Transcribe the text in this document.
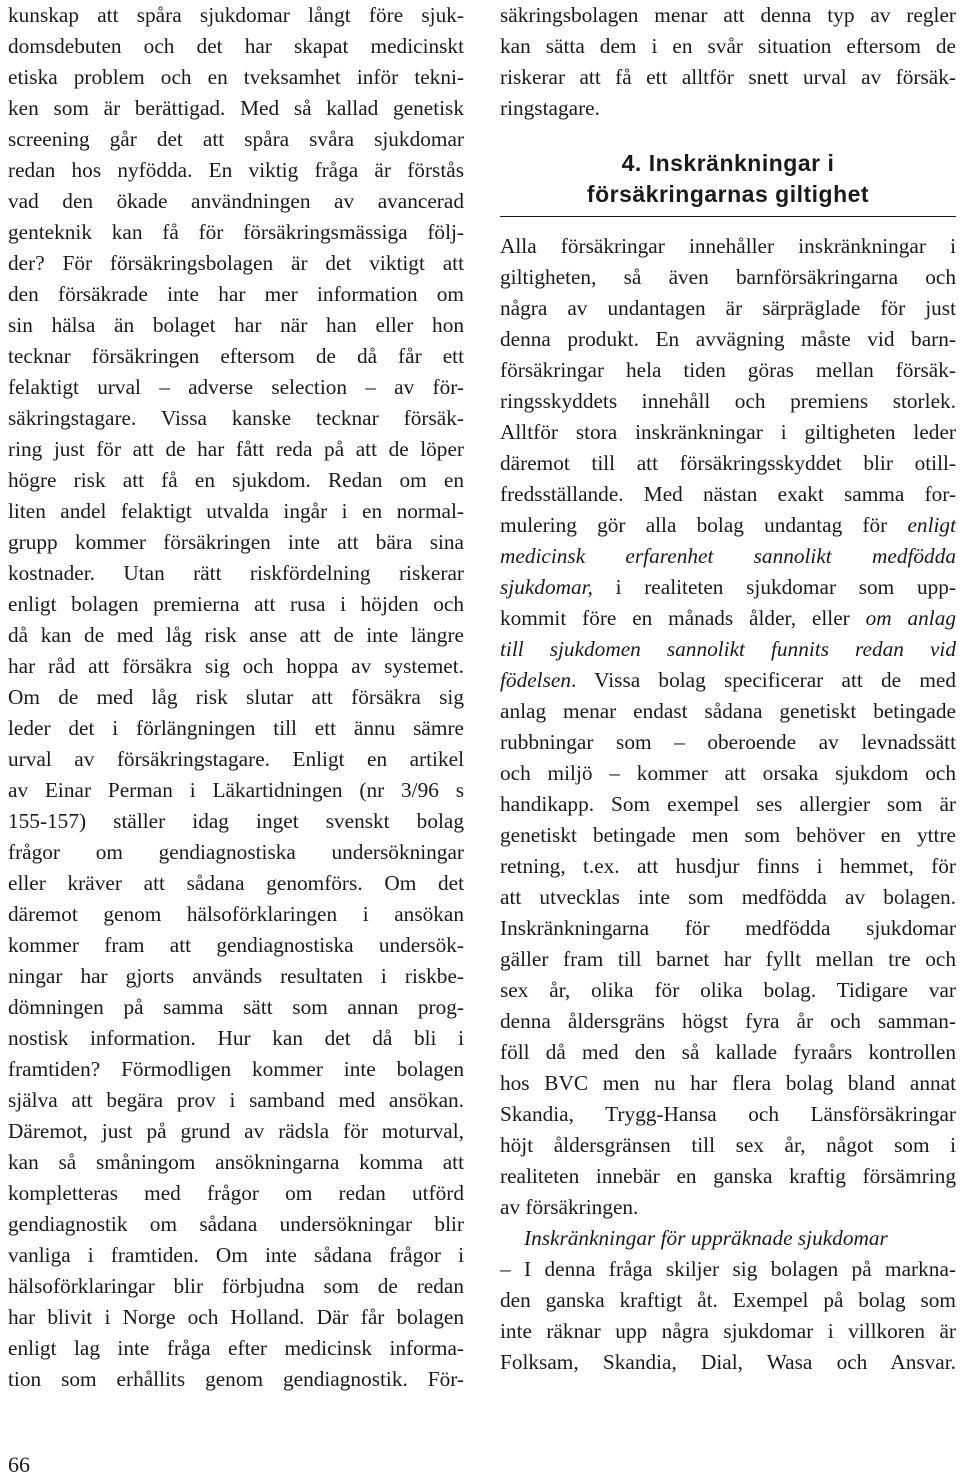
kunskap att spåra sjukdomar långt före sjuk-
domsdebuten och det har skapat medicinskt
etiska problem och en tveksamhet inför tekni-
ken som är berättigad. Med så kallad genetisk
screening går det att spåra svåra sjukdomar
redan hos nyfödda. En viktig fråga är förstås
vad den ökade användningen av avancerad
genteknik kan få för försäkringsmässiga följ-
der? För försäkringsbolagen är det viktigt att
den försäkrade inte har mer information om
sin hälsa än bolaget har när han eller hon
tecknar försäkringen eftersom de då får ett
felaktigt urval – adverse selection – av för-
säkringstagare. Vissa kanske tecknar försäk-
ring just för att de har fått reda på att de löper
högre risk att få en sjukdom. Redan om en
liten andel felaktigt utvalda ingår i en normal-
grupp kommer försäkringen inte att bära sina
kostnader. Utan rätt riskfördelning riskerar
enligt bolagen premierna att rusa i höjden och
då kan de med låg risk anse att de inte längre
har råd att försäkra sig och hoppa av systemet.
Om de med låg risk slutar att försäkra sig
leder det i förlängningen till ett ännu sämre
urval av försäkringstagare. Enligt en artikel
av Einar Perman i Läkartidningen (nr 3/96 s
155-157) ställer idag inget svenskt bolag
frågor om gendiagnostiska undersökningar
eller kräver att sådana genomförs. Om det
däremot genom hälsoförklaringen i ansökan
kommer fram att gendiagnostiska undersök-
ningar har gjorts används resultaten i riskbe-
dömningen på samma sätt som annan prog-
nostisk information. Hur kan det då bli i
framtiden? Förmodligen kommer inte bolagen
själva att begära prov i samband med ansökan.
Däremot, just på grund av rädsla för moturval,
kan så småningom ansökningarna komma att
kompletteras med frågor om redan utförd
gendiagnostik om sådana undersökningar blir
vanliga i framtiden. Om inte sådana frågor i
hälsoförklaringar blir förbjudna som de redan
har blivit i Norge och Holland. Där får bolagen
enligt lag inte fråga efter medicinsk informa-
tion som erhållits genom gendiagnostik. För-
säkringsbolagen menar att denna typ av regler
kan sätta dem i en svår situation eftersom de
riskerar att få ett alltför snett urval av försäk-
ringstagare.
4. Inskränkningar i
försäkringarnas giltighet
Alla försäkringar innehåller inskränkningar i
giltigheten, så även barnförsäkringarna och
några av undantagen är särpräglade för just
denna produkt. En avvägning måste vid barn-
försäkringar hela tiden göras mellan försäk-
ringsskyddets innehåll och premiens storlek.
Alltför stora inskränkningar i giltigheten leder
däremot till att försäkringsskyddet blir otill-
fredsställande. Med nästan exakt samma for-
mulering gör alla bolag undantag för enligt
medicinsk erfarenhet sannolikt medfödda
sjukdomar, i realiteten sjukdomar som upp-
kommit före en månads ålder, eller om anlag
till sjukdomen sannolikt funnits redan vid
födelsen. Vissa bolag specificerar att de med
anlag menar endast sådana genetiskt betingade
rubbningar som – oberoende av levnadssätt
och miljö – kommer att orsaka sjukdom och
handikapp. Som exempel ses allergier som är
genetiskt betingade men som behöver en yttre
retning, t.ex. att husdjur finns i hemmet, för
att utvecklas inte som medfödda av bolagen.
Inskränkningarna för medfödda sjukdomar
gäller fram till barnet har fyllt mellan tre och
sex år, olika för olika bolag. Tidigare var
denna åldersgräns högst fyra år och samman-
föll då med den så kallade fyraårs kontrollen
hos BVC men nu har flera bolag bland annat
Skandia, Trygg-Hansa och Länsförsäkringar
höjt åldersgränsen till sex år, något som i
realiteten innebär en ganska kraftig försämring
av försäkringen.
Inskränkningar för uppräknade sjukdomar
– I denna fråga skiljer sig bolagen på markna-
den ganska kraftigt åt. Exempel på bolag som
inte räknar upp några sjukdomar i villkoren är
Folksam, Skandia, Dial, Wasa och Ansvar.
66
